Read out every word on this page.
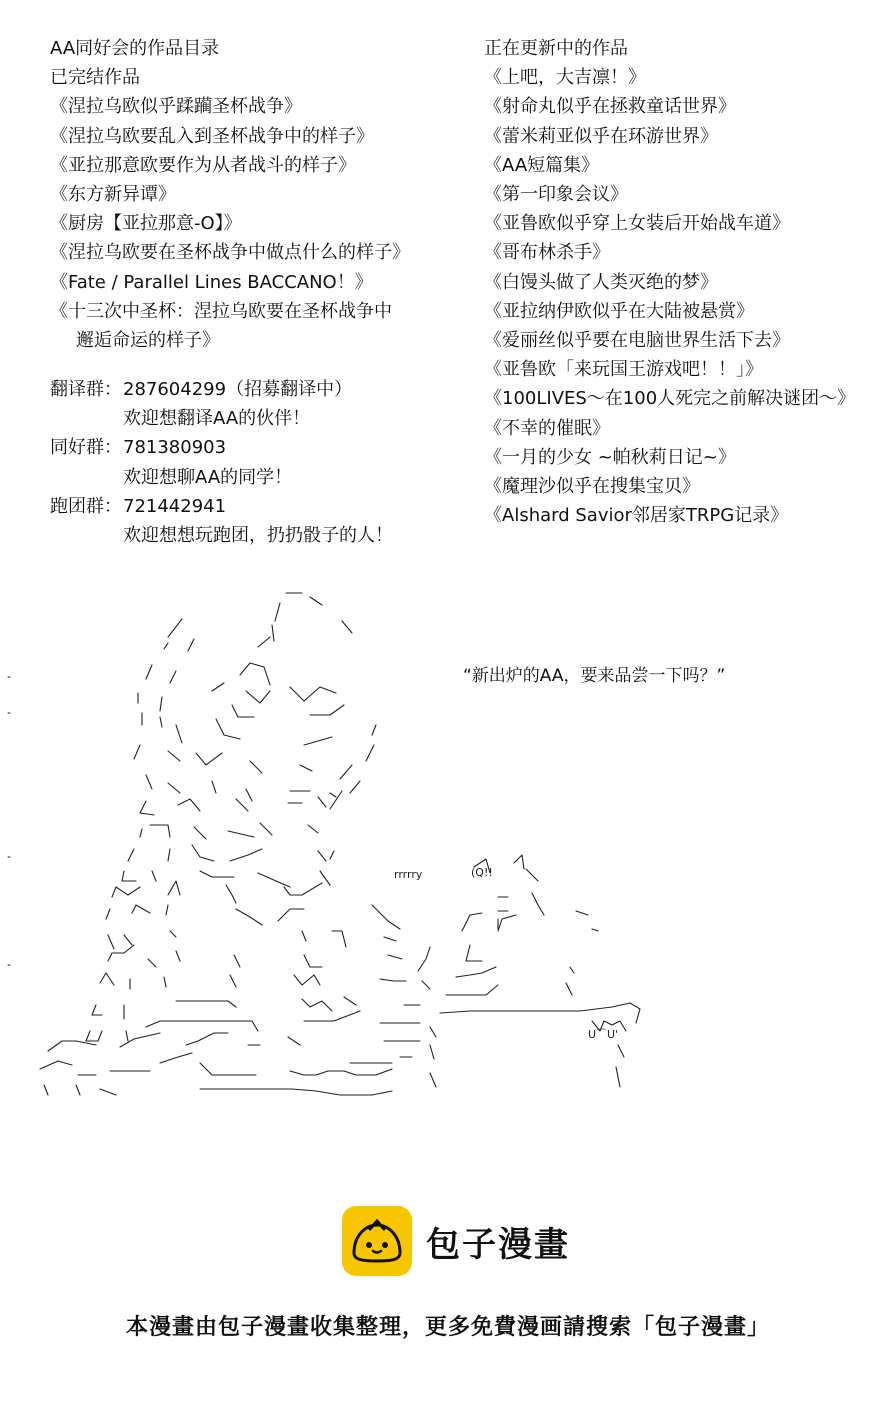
AA同好会的作品目录
已完结作品
《涅拉乌欧似乎蹂躏圣杯战争》
《涅拉乌欧要乱入到圣杯战争中的样子》
《亚拉那意欧要作为从者战斗的样子》
《东方新异谭》
《厨房【亚拉那意-O】》
《涅拉乌欧要在圣杯战争中做点什么的样子》
《Fate / Parallel Lines BACCANO！》
《十三次中圣杯：涅拉乌欧要在圣杯战争中
邂逅命运的样子》
正在更新中的作品
《上吧，大吉凛！》
《射命丸似乎在拯救童话世界》
《蕾米莉亚似乎在环游世界》
《AA短篇集》
《第一印象会议》
《亚鲁欧似乎穿上女装后开始战车道》
《哥布林杀手》
《白馒头做了人类灭绝的梦》
《亚拉纳伊欧似乎在大陆被悬赏》
《爱丽丝似乎要在电脑世界生活下去》
《亚鲁欧「来玩国王游戏吧！！」》
《100LIVES～在100人死完之前解决谜团～》
《不幸的催眠》
《一月的少女 ~帕秋莉日记~》
《魔理沙似乎在搜集宝贝》
《Alshard Savior邻居家TRPG记录》
翻译群： 287604299（招募翻译中）
欢迎想翻译AA的伙伴！
同好群： 781380903
欢迎想聊AA的同学！
跑团群： 721442941
欢迎想想玩跑团，扔扔骰子的人！
rrrrry	(Q!!
U⌒U'
“新出炉的AA，要来品尝一下吗？”
包子漫畫
本漫畫由包子漫畫收集整理，更多免費漫画請搜索「包子漫畫」
